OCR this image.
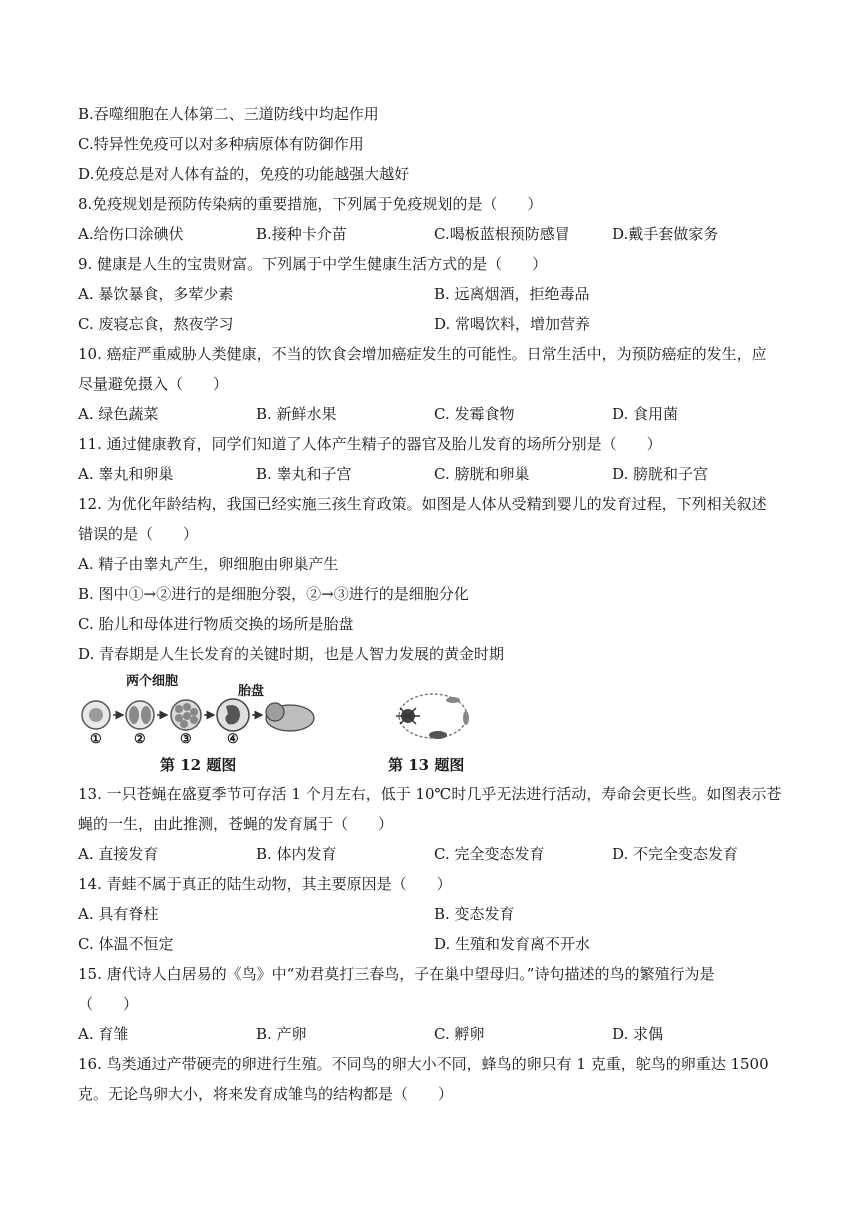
B.吞噬细胞在人体第二、三道防线中均起作用
C.特异性免疫可以对多种病原体有防御作用
D.免疫总是对人体有益的，免疫的功能越强大越好
8.免疫规划是预防传染病的重要措施，下列属于免疫规划的是（　　）
A.给伤口涂碘伏	B.接种卡介苗	C.喝板蓝根预防感冒	D.戴手套做家务
9. 健康是人生的宝贵财富。下列属于中学生健康生活方式的是（　　）
A. 暴饮暴食，多荤少素	B. 远离烟酒，拒绝毒品
C. 废寝忘食，熬夜学习	D. 常喝饮料，增加营养
10. 癌症严重威胁人类健康，不当的饮食会增加癌症发生的可能性。日常生活中，为预防癌症的发生，应
尽量避免摄入（　　）
A. 绿色蔬菜	B. 新鲜水果	C. 发霉食物	D. 食用菌
11. 通过健康教育，同学们知道了人体产生精子的器官及胎儿发育的场所分别是（　　）
A. 睾丸和卵巢	B. 睾丸和子宫	C. 膀胱和卵巢	D. 膀胱和子宫
12. 为优化年龄结构，我国已经实施三孩生育政策。如图是人体从受精到婴儿的发育过程，下列相关叙述
错误的是（　　）
A. 精子由睾丸产生，卵细胞由卵巢产生
B. 图中①→②进行的是细胞分裂，②→③进行的是细胞分化
C. 胎儿和母体进行物质交换的场所是胎盘
D. 青春期是人生长发育的关键时期，也是人智力发展的黄金时期
两个细胞
胎盘
① ②	③	④
第 12 题图	第 13 题图
13. 一只苍蝇在盛夏季节可存活 1 个月左右，低于 10℃时几乎无法进行活动，寿命会更长些。如图表示苍
蝇的一生，由此推测，苍蝇的发育属于（　　）
A. 直接发育	B. 体内发育	C. 完全变态发育	D. 不完全变态发育
14. 青蛙不属于真正的陆生动物，其主要原因是（　　）
A. 具有脊柱	B. 变态发育
C. 体温不恒定	D. 生殖和发育离不开水
15. 唐代诗人白居易的《鸟》中“劝君莫打三春鸟，子在巢中望母归。”诗句描述的鸟的繁殖行为是
（　　）
A. 育雏	B. 产卵	C. 孵卵	D. 求偶
16. 鸟类通过产带硬壳的卵进行生殖。不同鸟的卵大小不同，蜂鸟的卵只有 1 克重，鸵鸟的卵重达 1500
克。无论鸟卵大小，将来发育成雏鸟的结构都是（　　）
